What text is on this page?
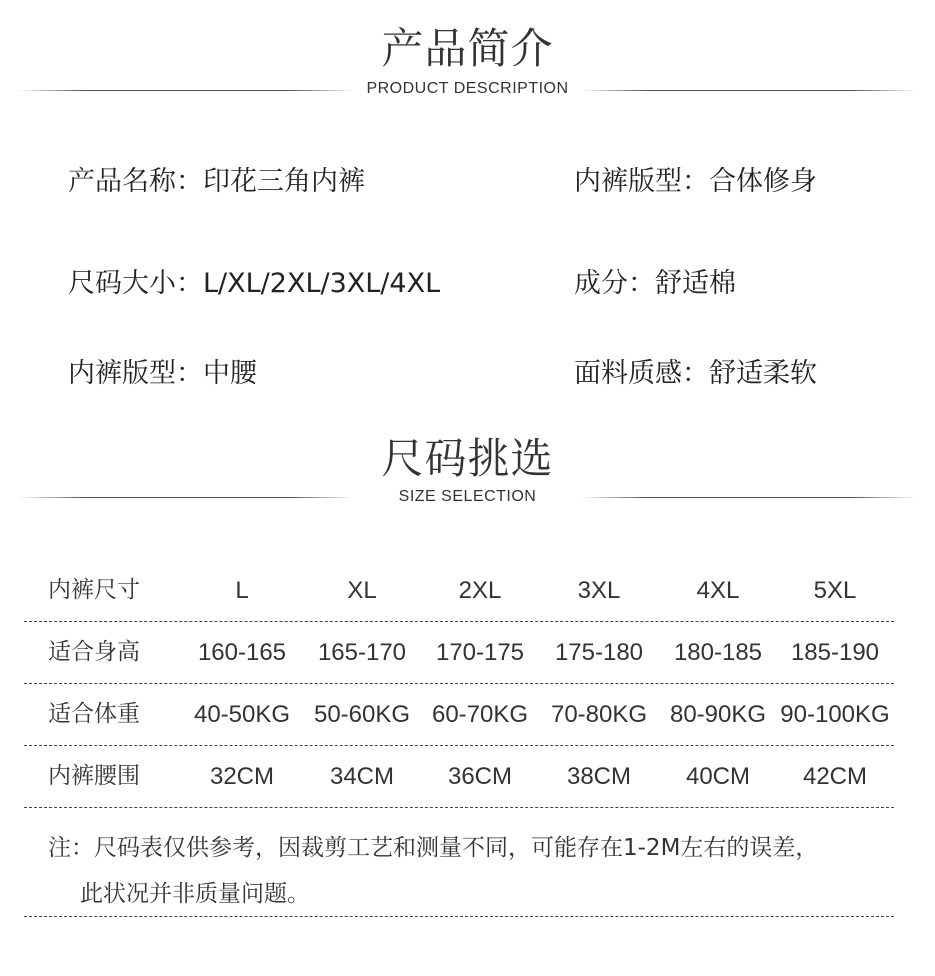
产品简介
PRODUCT DESCRIPTION
产品名称：印花三角内裤	内裤版型：合体修身
尺码大小：L/XL/2XL/3XL/4XL	成分：舒适棉
内裤版型：中腰	面料质感：舒适柔软
尺码挑选
SIZE SELECTION
内裤尺寸	L	XL	2XL	3XL	4XL	5XL
适合身高	160-165	165-170	170-175	175-180	180-185	185-190
适合体重	40-50KG 50-60KG 60-70KG 70-80KG 80-90KG 90-100KG
内裤腰围	32CM	34CM	36CM	38CM	40CM	42CM
注：尺码表仅供参考，因裁剪工艺和测量不同，可能存在1-2M左右的误差，
此状况并非质量问题。
